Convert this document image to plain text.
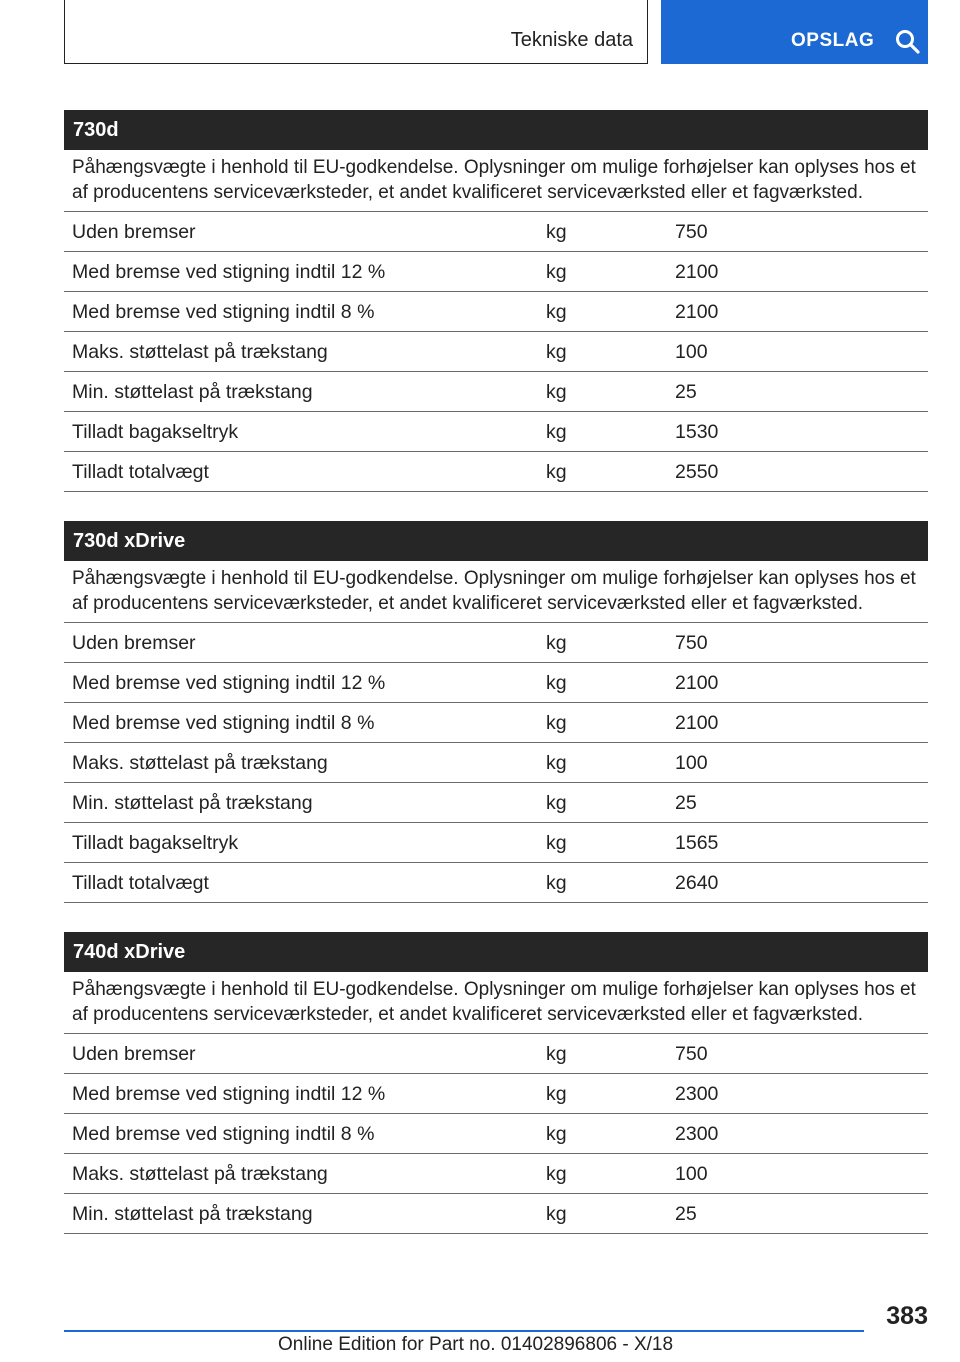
Tekniske data	OPSLAG
730d
Påhængsvægte i henhold til EU-godkendelse. Oplysninger om mulige forhøjelser kan oplyses hos et af producentens serviceværksteder, et andet kvalificeret serviceværksted eller et fagværksted.
Uden bremser	kg	750
Med bremse ved stigning indtil 12 %	kg	2100
Med bremse ved stigning indtil 8 %	kg	2100
Maks. støttelast på trækstang	kg	100
Min. støttelast på trækstang	kg	25
Tilladt bagakseltryk	kg	1530
Tilladt totalvægt	kg	2550
730d xDrive
Påhængsvægte i henhold til EU-godkendelse. Oplysninger om mulige forhøjelser kan oplyses hos et af producentens serviceværksteder, et andet kvalificeret serviceværksted eller et fagværksted.
Uden bremser	kg	750
Med bremse ved stigning indtil 12 %	kg	2100
Med bremse ved stigning indtil 8 %	kg	2100
Maks. støttelast på trækstang	kg	100
Min. støttelast på trækstang	kg	25
Tilladt bagakseltryk	kg	1565
Tilladt totalvægt	kg	2640
740d xDrive
Påhængsvægte i henhold til EU-godkendelse. Oplysninger om mulige forhøjelser kan oplyses hos et af producentens serviceværksteder, et andet kvalificeret serviceværksted eller et fagværksted.
Uden bremser	kg	750
Med bremse ved stigning indtil 12 %	kg	2300
Med bremse ved stigning indtil 8 %	kg	2300
Maks. støttelast på trækstang	kg	100
Min. støttelast på trækstang	kg	25
383
Online Edition for Part no. 01402896806 - X/18
